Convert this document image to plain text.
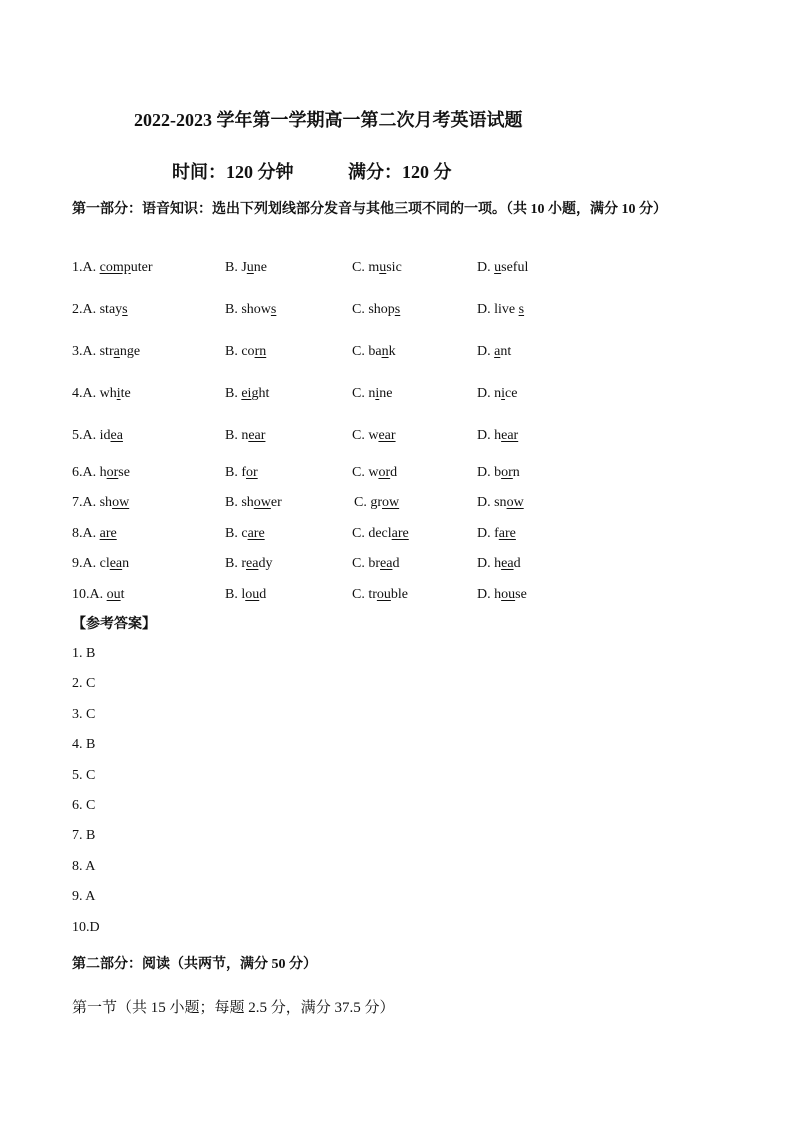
2022-2023 学年第一学期高一第二次月考英语试题
时间：120 分钟	满分：120 分
第一部分：语音知识：选出下列划线部分发音与其他三项不同的一项。（共 10 小题，满分 10 分）
1.A. computer	B. June	C. music	D. useful
2.A. stays	B. shows	C. shops	D. live s
3.A. strange	B. corn	C. bank	D. ant
4.A. white	B. eight	C. nine	D. nice
5.A. idea	B. near	C. wear	D. hear
6.A. horse	B. for	C. word	D. born
7.A. show	B. shower	C. grow	D. snow
8.A. are	B. care	C. declare	D. fare
9.A. clean	B. ready	C. bread	D. head
10.A. out	B. loud	C. trouble	D. house
【参考答案】
1. B
2. C
3. C
4. B
5. C
6. C
7. B
8. A
9. A
10.D
第二部分：阅读（共两节，满分 50 分）
第一节（共 15 小题；每题 2.5 分，满分 37.5 分）
